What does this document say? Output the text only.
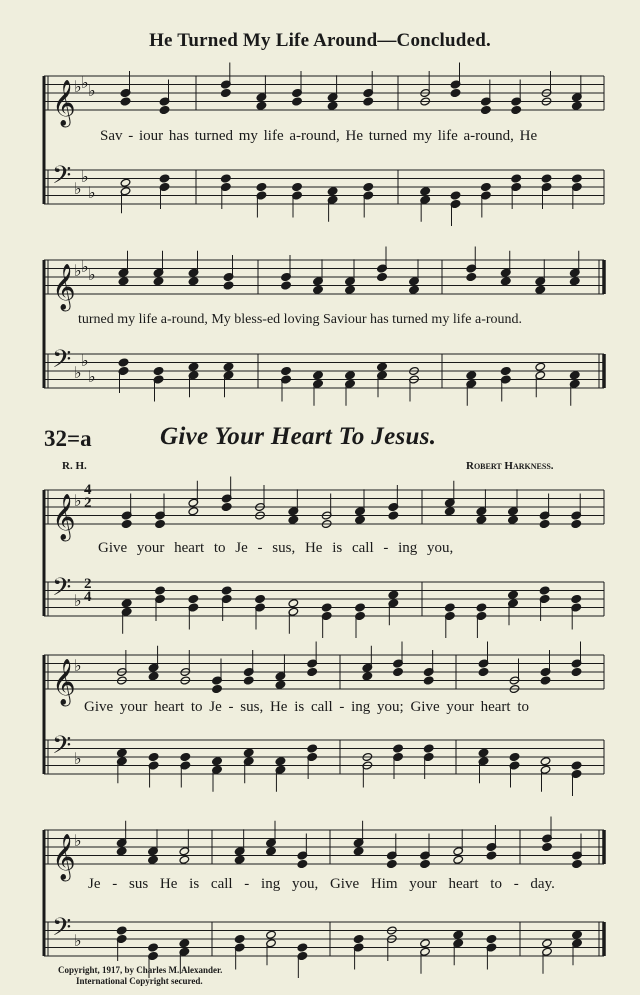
He Turned My Life Around—Concluded.
𝄞
♭ ♭ ♭
Sav - iour has turned my life a-round, He turned my life a-round, He
𝄢 ♭
♭
♭
𝄞
♭ ♭ ♭
turned my life a-round, My bless-ed loving Saviour has turned my life a-round.
𝄢 ♭
♭
♭
32=a	Give Your Heart To Jesus.
R. H.	Robert Harkness.
𝄞
♭
Give your heart to Je - sus, He is call - ing you,
𝄢 ♭
𝄞
♭
Give your heart to Je - sus, He is call - ing you; Give your heart to
𝄢 ♭
𝄞
♭
Je - sus He is call - ing you, Give Him your heart to - day.
𝄢 ♭
4
2
2
4
Copyright, 1917, by Charles M. Alexander.
International Copyright secured.
